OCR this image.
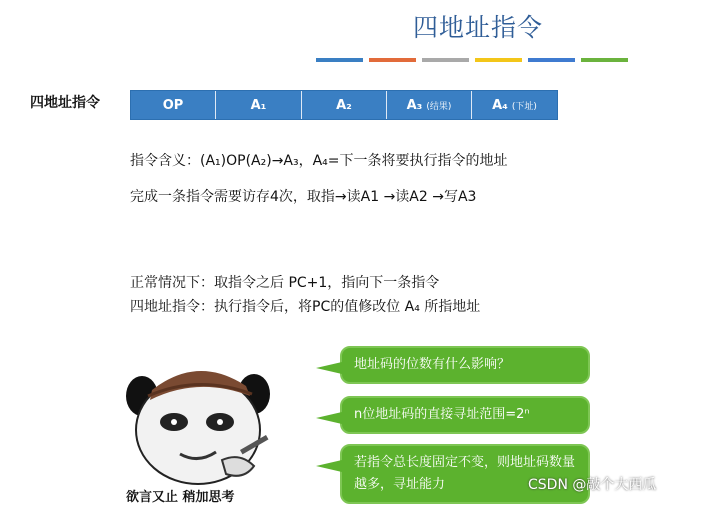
四地址指令
四地址指令	OP	A₁	A₂	A₃ (结果)	A₄ (下址)
指令含义：(A₁)OP(A₂)→A₃，A₄=下一条将要执行指令的地址
完成一条指令需要访存4次，取指→读A1 →读A2 →写A3
正常情况下：取指令之后 PC+1，指向下一条指令
四地址指令：执行指令后，将PC的值修改位 A₄ 所指地址
欲言又止 稍加思考
地址码的位数有什么影响？
n位地址码的直接寻址范围=2ⁿ
若指令总长度固定不变，则地址码数量越多，寻址能力	CSDN @敲个大西瓜
